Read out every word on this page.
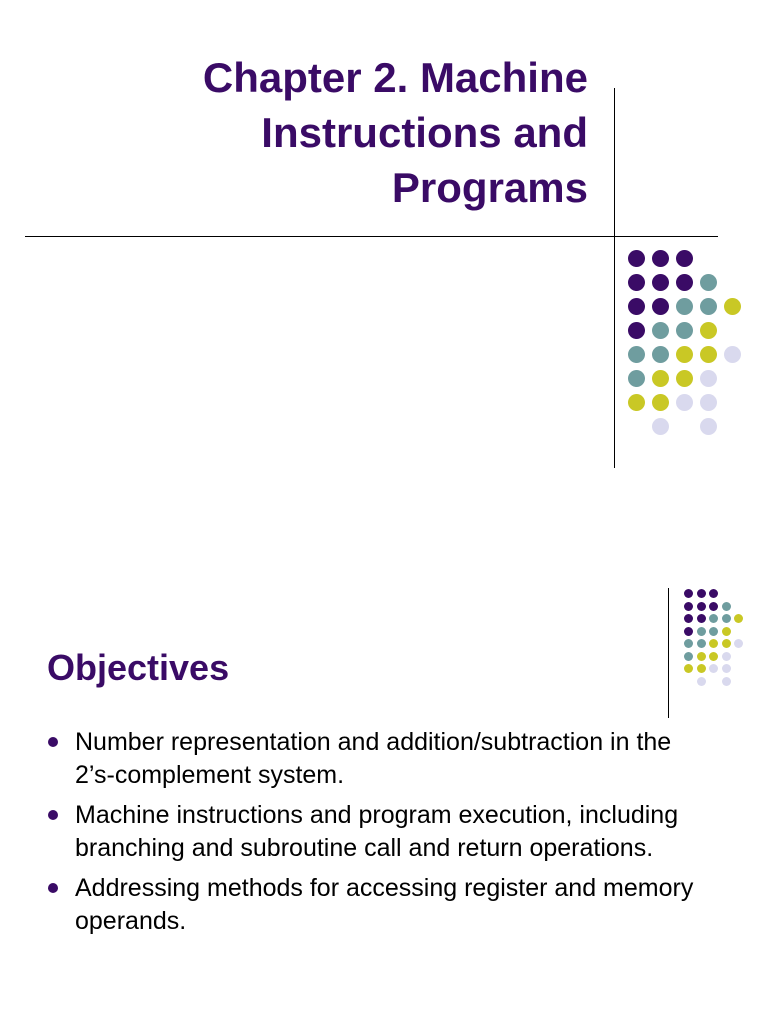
Chapter 2. Machine
Instructions and
Programs
Objectives
Number representation and addition/subtraction in the 2’s-complement system.
Machine instructions and program execution, including branching and subroutine call and return operations.
Addressing methods for accessing register and memory operands.
